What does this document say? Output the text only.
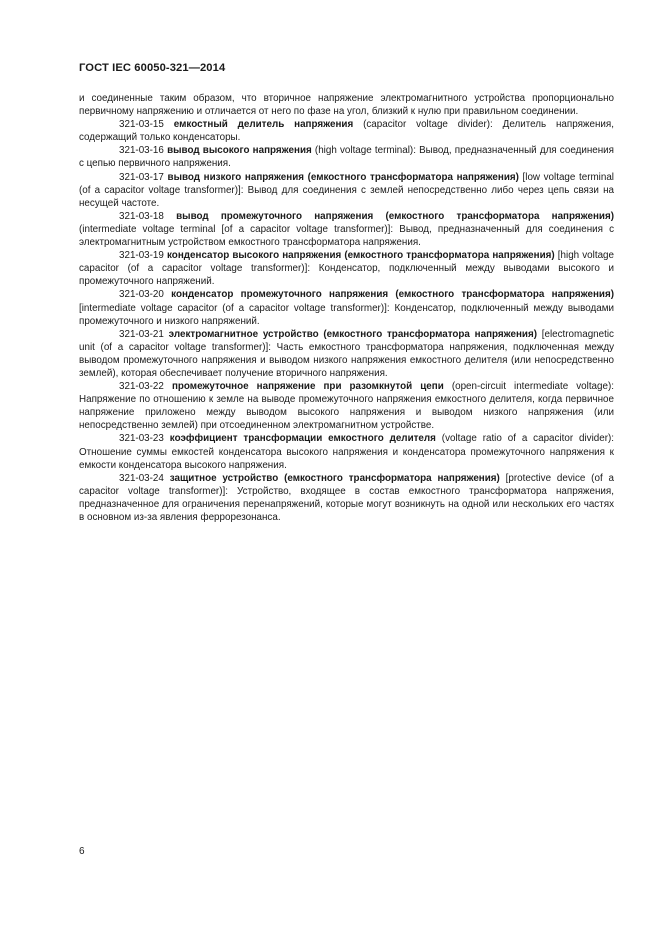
ГОСТ IEC 60050-321—2014

и соединенные таким образом, что вторичное напряжение электромагнитного устройства пропорционально первичному напряжению и отличается от него по фазе на угол, близкий к нулю при правильном соединении.

321-03-15 емкостный делитель напряжения (capacitor voltage divider): Делитель напряжения, содержащий только конденсаторы.

321-03-16 вывод высокого напряжения (high voltage terminal): Вывод, предназначенный для соединения с цепью первичного напряжения.

321-03-17 вывод низкого напряжения (емкостного трансформатора напряжения) [low voltage terminal (of a capacitor voltage transformer)]: Вывод для соединения с землей непосредственно либо через цепь связи на несущей частоте.

321-03-18 вывод промежуточного напряжения (емкостного трансформатора напряжения) (intermediate voltage terminal [of a capacitor voltage transformer)]: Вывод, предназначенный для соединения с электромагнитным устройством емкостного трансформатора напряжения.

321-03-19 конденсатор высокого напряжения (емкостного трансформатора напряжения) [high voltage capacitor (of a capacitor voltage transformer)]: Конденсатор, подключенный между выводами высокого и промежуточного напряжений.

321-03-20 конденсатор промежуточного напряжения (емкостного трансформатора напряжения) [intermediate voltage capacitor (of a capacitor voltage transformer)]: Конденсатор, подключенный между выводами промежуточного и низкого напряжений.

321-03-21 электромагнитное устройство (емкостного трансформатора напряжения) [electromagnetic unit (of a capacitor voltage transformer)]: Часть емкостного трансформатора напряжения, подключенная между выводом промежуточного напряжения и выводом низкого напряжения емкостного делителя (или непосредственно землей), которая обеспечивает получение вторичного напряжения.

321-03-22 промежуточное напряжение при разомкнутой цепи (open-circuit intermediate voltage): Напряжение по отношению к земле на выводе промежуточного напряжения емкостного делителя, когда первичное напряжение приложено между выводом высокого напряжения и выводом низкого напряжения (или непосредственно землей) при отсоединенном электромагнитном устройстве.

321-03-23 коэффициент трансформации емкостного делителя (voltage ratio of a capacitor divider): Отношение суммы емкостей конденсатора высокого напряжения и конденсатора промежуточного напряжения к емкости конденсатора высокого напряжения.

321-03-24 защитное устройство (емкостного трансформатора напряжения) [protective device (of a capacitor voltage transformer)]: Устройство, входящее в состав емкостного трансформатора напряжения, предназначенное для ограничения перенапряжений, которые могут возникнуть на одной или нескольких его частях в основном из-за явления феррорезонанса.

6
